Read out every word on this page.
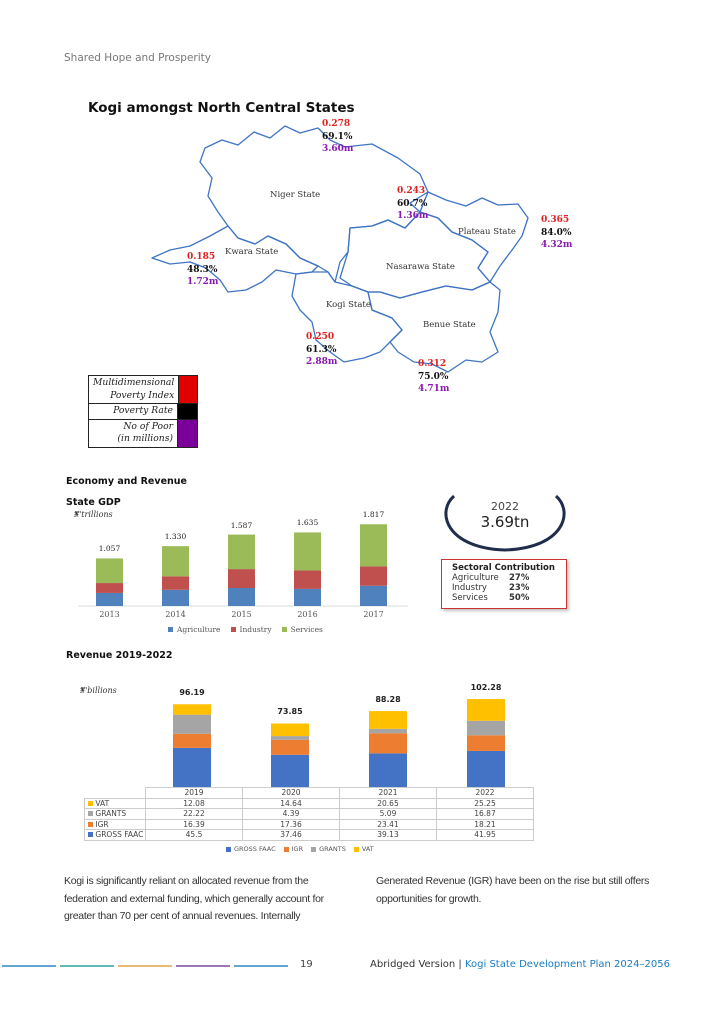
Shared Hope and Prosperity
Kogi amongst North Central States
Niger State
Nasarawa State
Plateau State
Kwara State
Kogi State
Benue State
0.278
69.1%
3.60m
0.243
60.7%
1.36m	0.365
84.0%
4.32m
0.185
48.3%
1.72m
0.250
61.3%
2.88m	0.312
75.0%
4.71m
Multidimensional
Poverty Index
Poverty Rate
No of Poor
(in millions)
Economy and Revenue
State GDP
₦'trillions
1.057
2013
1.330
2014
1.587
2015
1.635
2016
1.817
2017
Agriculture	Industry	Services
2022
3.69tn
Sectoral Contribution
Agriculture 27%
Industry	23%
Services 50%
Revenue 2019-2022
₦'billions	96.19
73.85
88.28
102.28
	2019	2020	2021	2022
VAT	12.08	14.64	20.65	25.25
GRANTS	22.22	4.39	5.09	16.87
IGR	16.39	17.36	23.41	18.21
GROSS FAAC	45.5	37.46	39.13	41.95
GROSS FAAC IGR GRANTS VAT
Kogi is significantly reliant on allocated revenue from the federation and external funding, which generally account for greater than 70 per cent of annual revenues. Internally
Generated Revenue (IGR) have been on the rise but still offers opportunities for growth.
19	Abridged Version | Kogi State Development Plan 2024–2056
